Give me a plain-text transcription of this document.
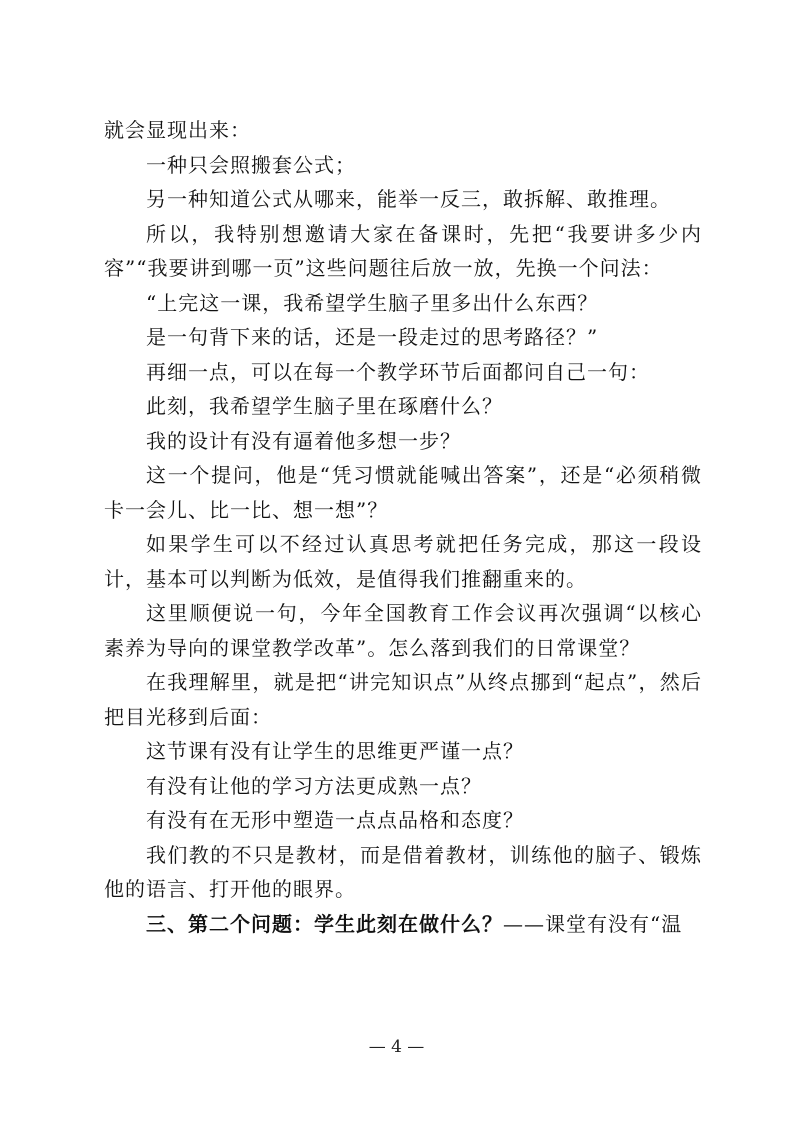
就会显现出来：

一种只会照搬套公式；

另一种知道公式从哪来，能举一反三，敢拆解、敢推理。

所以，我特别想邀请大家在备课时，先把“我要讲多少内容”“我要讲到哪一页”这些问题往后放一放，先换一个问法：

“上完这一课，我希望学生脑子里多出什么东西？

是一句背下来的话，还是一段走过的思考路径？”

再细一点，可以在每一个教学环节后面都问自己一句：

此刻，我希望学生脑子里在琢磨什么？

我的设计有没有逼着他多想一步？

这一个提问，他是“凭习惯就能喊出答案”，还是“必须稍微卡一会儿、比一比、想一想”？

如果学生可以不经过认真思考就把任务完成，那这一段设计，基本可以判断为低效，是值得我们推翻重来的。

这里顺便说一句，今年全国教育工作会议再次强调“以核心素养为导向的课堂教学改革”。怎么落到我们的日常课堂？

在我理解里，就是把“讲完知识点”从终点挪到“起点”，然后把目光移到后面：

这节课有没有让学生的思维更严谨一点？

有没有让他的学习方法更成熟一点？

有没有在无形中塑造一点点品格和态度？

我们教的不只是教材，而是借着教材，训练他的脑子、锻炼他的语言、打开他的眼界。

三、第二个问题：学生此刻在做什么？——课堂有没有“温

— 4 —
